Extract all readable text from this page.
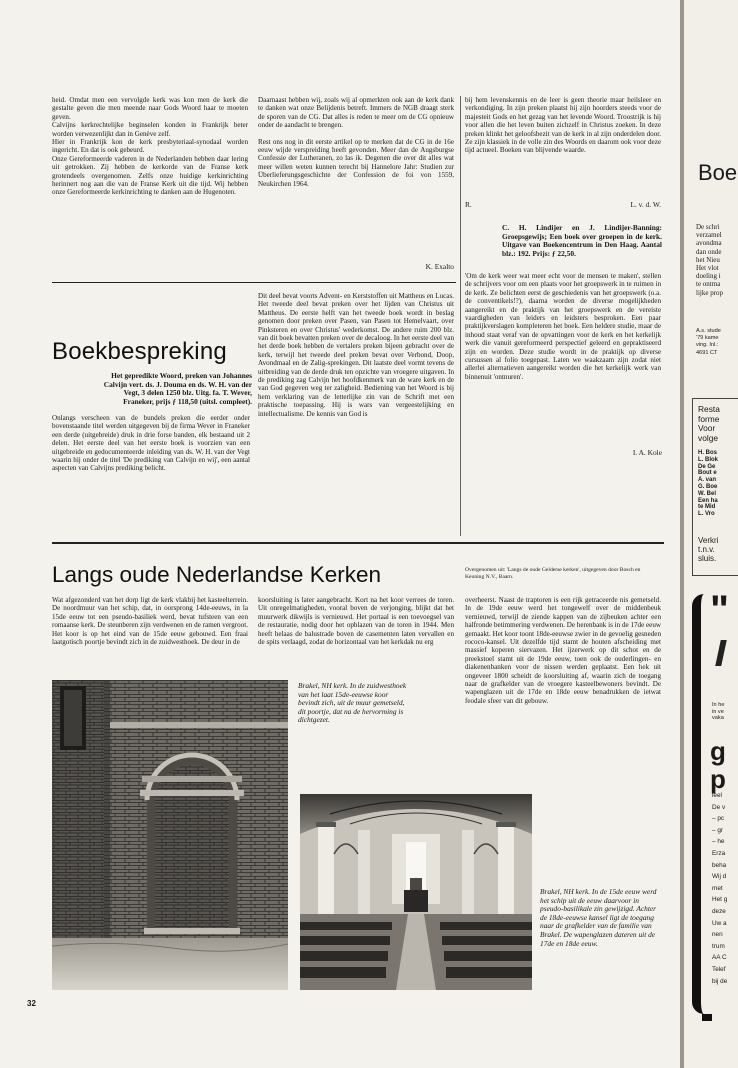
heid. Omdat men een vervolgde kerk was kon men de kerk die gestalte geven die men meende naar Gods Woord haar te moeten geven.

Calvijns kerkrechtelijke beginselen konden in Frankrijk beter worden verwezenlijkt dan in Genève zelf.

Hier in Frankrijk kon de kerk presbyteriaal-synodaal worden ingericht. En dat is ook gebeurd.

Onze Gereformeerde vaderen in de Nederlanden hebben daar lering uit getrokken. Zij hebben de kerkorde van de Franse kerk grotendeels overgenomen. Zelfs onze huidige kerkinrichting herinnert nog aan die van de Franse Kerk uit die tijd. Wij hebben onze Gereformeerde kerkinrichting te danken aan de Hugenoten.

Daarnaast hebben wij, zoals wij al opmerkten ook aan de kerk dank te danken wat onze Belijdenis betreft. Immers de NGB draagt sterk de sporen van de CG. Dat alles is reden te meer om de CG opnieuw onder de aandacht te brengen.

Rest ons nog in dit eerste artikel op te merken dat de CG in de 16e eeuw wijde verspreiding heeft gevonden. Meer dan de Augsburgse Confessie der Lutheranen, zo las ik. Degenen die over dit alles wat meer willen weten kunnen terecht bij Hannelore Jahr: Studien zur Überlieferungsgeschichte der Confession de foi von 1559, Neukirchen 1964.

K. Exalto

bij hem levenskennis en de leer is geen theorie maar heilsleer en verkondiging. In zijn preken plaatst hij zijn hoorders steeds voor de majesteit Gods en het gezag van het levende Woord. Troostrijk is hij voor allen die het leven buiten zichzelf in Christus zoeken. In deze preken klinkt het geloofsbezit van de kerk in al zijn onderdelen door. Ze zijn klassiek in de volle zin des Woords en daarom ook voor deze tijd actueel. Boeken van blijvende waarde.

R.	L. v. d. W.
C. H. Lindijer en J. Lindijer-Banning: Groepsgewijs; Een boek over groepen in de kerk. Uitgave van Boekencentrum in Den Haag. Aantal blz.: 192. Prijs: ƒ 22,50.

'Om de kerk weer wat meer echt voor de mensen te maken', stellen de schrijvers voor om een plaats voor het groepswerk in te ruimen in de kerk. Ze belichten eerst de geschiedenis van het groepswerk (o.a. de conventikels!?), daarna worden de diverse mogelijkheden aangereikt en de praktijk van het groepswerk en de vereiste vaardigheden van leiders en leidsters besproken. Een paar praktijkverslagen kompleteren het boek. Een heldere studie, maar de inhoud staat veraf van de opvattingen voor de kerk en het kerkelijk werk die vanuit gereformeerd perspectief geleerd en gepraktiseerd zijn en worden. Deze studie wordt in de praktijk op diverse cursussen al folio toegepast. Laten we waakzaam zijn zodat niet allerlei alternatieven aangereikt worden die het kerkelijk werk van binnenuit 'ontnuren'.

I. A. Kole
Boekbespreking
Het gepredikte Woord, preken van Johannes Calvijn vert. ds. J. Douma en ds. W. H. van der Vegt, 3 delen 1250 blz. Uitg. fa. T. Wever, Franeker, prijs ƒ 118,50 (uitsl. compleet).

Onlangs verscheen van de bundels preken die eerder onder bovenstaande titel werden uitgegeven bij de firma Wever in Franeker een derde (uitgebreide) druk in drie forse banden, elk bestaand uit 2 delen. Het eerste deel van het eerste boek is voorzien van een uitgebreide en gedocumenteerde inleiding van ds. W. H. van der Vegt waarin hij onder de titel 'De prediking van Calvijn en wij', een aantal aspecten van Calvijns prediking belicht.

Dit deel bevat voorts Advent- en Kerststoffen uit Mattheus en Lucas. Het tweede deel bevat preken over het lijden van Christus uit Mattheus. De eerste helft van het tweede boek wordt in beslag genomen door preken over Pasen, van Pasen tot Hemelvaart, over Pinksteren en over Christus' wederkomst. De andere ruim 200 blz. van dit boek bevatten preken over de decaloog. In het eerste deel van het derde boek hebben de vertalers preken bijeen gebracht over de kerk, terwijl het tweede deel preken bevat over Verbond, Doop, Avondmaal en de Zalig-sprekingen. Dit laatste deel vormt tevens de uitbreiding van de derde druk ten opzichte van vroegere uitgaven. In de prediking zag Calvijn het hoofdkenmerk van de ware kerk en de van God gegeven weg ter zaligheid. Bediening van het Woord is bij hem verklaring van de letterlijke zin van de Schrift met een praktische toepassing. Hij is wars van vergeestelijking en intellectualisme. De kennis van God is

Langs oude Nederlandse Kerken	Overgenomen uit: 'Langs de oude Gelderse kerken', uitgegeven door Bosch en Keuning N.V., Baarn.

Wat afgezonderd van het dorp ligt de kerk vlakbij het kasteelterrein. De noordmuur van het schip, dat, in oorsprong 14de-eeuws, in la 15de eeuw tot een pseudo-basiliek werd, bevat tufsteen van een romaanse kerk. De steunberen zijn verdwenen en de ramen vergroot. Het koor is op het eind van de 15de eeuw gebouwd. Een fraai laatgotisch poortje bevindt zich in de zuidwesthoek. De deur in de

koorsluiting is later aangebracht. Kort na het koor verrees de toren. Uit onregelmatigheden, vooral boven de verjonging, blijkt dat het muurwerk dikwijls is vernieuwd. Het portaal is een toevoegsel van de restauratie, nodig door het opblazen van de toren in 1944. Men heeft helaas de balustrade boven de casementen laten vervallen en de spits verlaagd, zodat de horizontaal van het kerkdak nu erg

overheerst. Naast de traptoren is een rijk getraceerde nis gemetseld. In de 19de eeuw werd het tongewelf over de middenbeuk vernieuwd, terwijl de ziende kappen van de zijbeuken achter een halfronde betimmering verdwenen. De herenbank is in de 17de eeuw gemaakt. Het koor toont 18de-eeuwse zwier in de gevoelig gesneden rococo-kansel. Uit dezelfde tijd stamt de houten afscheiding met massief koperen siervazen. Het ijzerwerk op dit schot en de preekstoel stamt uit de 19de eeuw, toen ook de ouderlingen- en diakenenbanken voor de nissen werden geplaatst. Een hek uit ongeveer 1800 scheidt de koorsluiting af, waarin zich de toegang naar de grafkelder van de vroegere kasteelbewoners bevindt. De wapenglazen uit de 17de en 18de eeuw benadrukken de ietwat feodale sfeer van dit gebouw.

Brakel, NH kerk. In de zuidwesthoek van het laat 15de-eeuwse koor bevindt zich, uit de muur gemetseld, dit poortje, dat na de hervorming is dichtgezet.
Brakel, NH kerk. In de 15de eeuw werd het schip uit de eeuw daarvoor in pseudo-basilikale zin gewijzigd. Achter de 18de-eeuwse kansel ligt de toegang naar de grafkelder van de familie van Brakel. De wapenglazen dateren uit de 17de en 18de eeuw.
32
Boe
De schri
verzamel
avondma
dan onde
het Nieu
Het vlot
doeling i
te ontma
lijke prop
A.s. stude
'79 kame
ving. Inl.:
4691 CT
Resta
forme
Voor
volge
H. Bos
L. Blok
De Ge
Bout e
A. van
G. Boe
W. Bel
Een ha
te Mid
L. Vro
Verkri
t.n.v.
sluis.
"
In he
in ve
vaka
g
p
leel
De v
– pc
– gr
– he
Erza
beha
Wij d
met
Het g
deze
Uw a
nen
trum
AA C
Telef
bij de
